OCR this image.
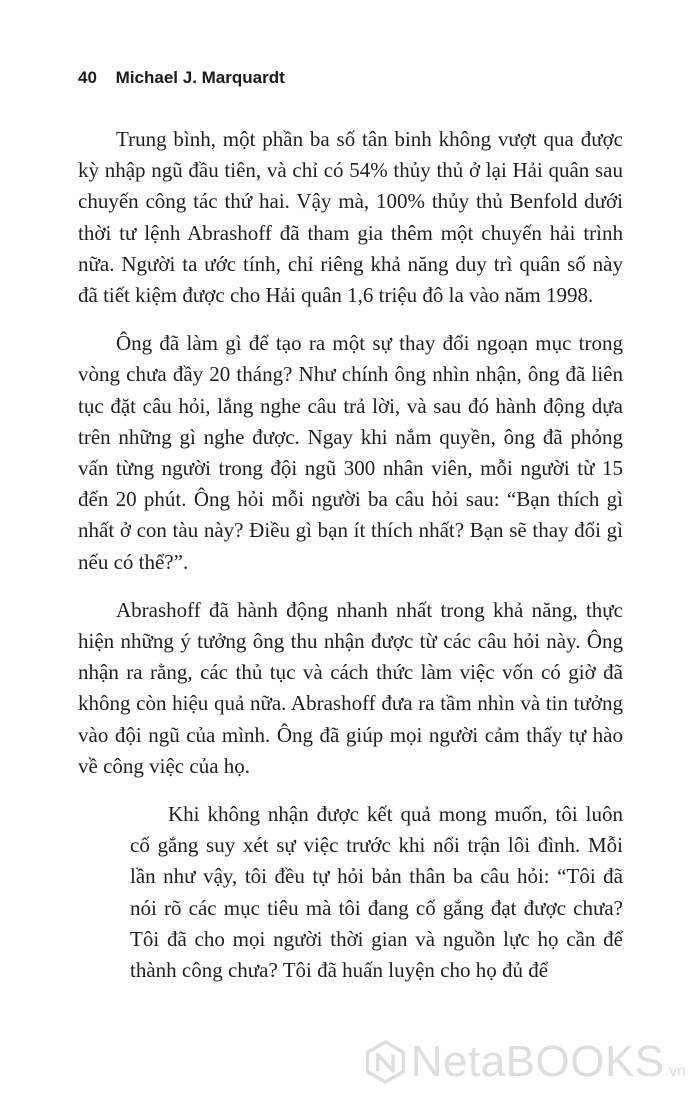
40 Michael J. Marquardt

Trung bình, một phần ba số tân binh không vượt qua được kỳ nhập ngũ đầu tiên, và chỉ có 54% thủy thủ ở lại Hải quân sau chuyến công tác thứ hai. Vậy mà, 100% thủy thủ Benfold dưới thời tư lệnh Abrashoff đã tham gia thêm một chuyến hải trình nữa. Người ta ước tính, chỉ riêng khả năng duy trì quân số này đã tiết kiệm được cho Hải quân 1,6 triệu đô la vào năm 1998.

Ông đã làm gì để tạo ra một sự thay đổi ngoạn mục trong vòng chưa đầy 20 tháng? Như chính ông nhìn nhận, ông đã liên tục đặt câu hỏi, lắng nghe câu trả lời, và sau đó hành động dựa trên những gì nghe được. Ngay khi nắm quyền, ông đã phỏng vấn từng người trong đội ngũ 300 nhân viên, mỗi người từ 15 đến 20 phút. Ông hỏi mỗi người ba câu hỏi sau: “Bạn thích gì nhất ở con tàu này? Điều gì bạn ít thích nhất? Bạn sẽ thay đổi gì nếu có thể?”.

Abrashoff đã hành động nhanh nhất trong khả năng, thực hiện những ý tưởng ông thu nhận được từ các câu hỏi này. Ông nhận ra rằng, các thủ tục và cách thức làm việc vốn có giờ đã không còn hiệu quả nữa. Abrashoff đưa ra tầm nhìn và tin tưởng vào đội ngũ của mình. Ông đã giúp mọi người cảm thấy tự hào về công việc của họ.

Khi không nhận được kết quả mong muốn, tôi luôn cố gắng suy xét sự việc trước khi nổi trận lôi đình. Mỗi lần như vậy, tôi đều tự hỏi bản thân ba câu hỏi: “Tôi đã nói rõ các mục tiêu mà tôi đang cố gắng đạt được chưa? Tôi đã cho mọi người thời gian và nguồn lực họ cần để thành công chưa? Tôi đã huấn luyện cho họ đủ để

NetaBOOKS.vn
